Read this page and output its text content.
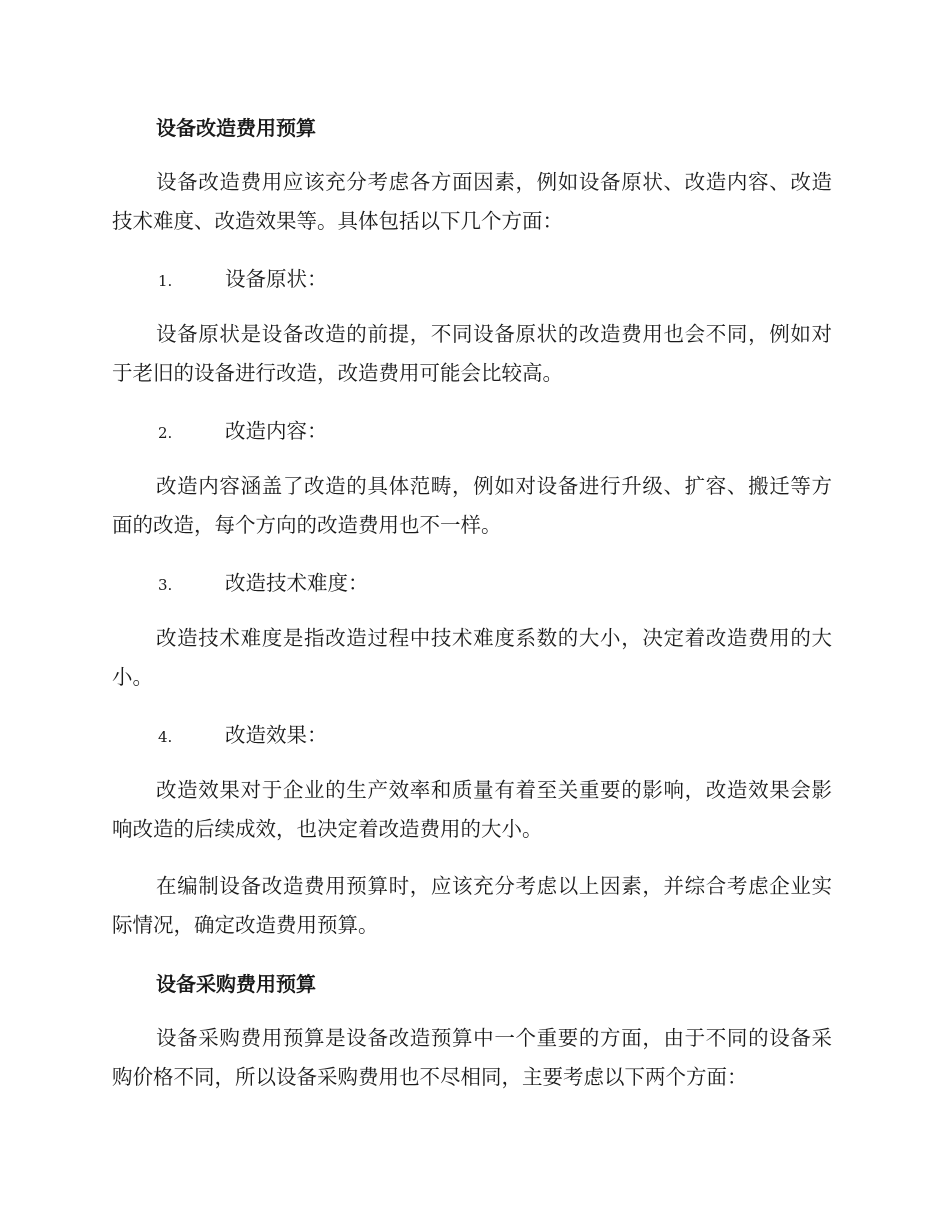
设备改造费用预算

设备改造费用应该充分考虑各方面因素，例如设备原状、改造内容、改造技术难度、改造效果等。具体包括以下几个方面：

1.	设备原状：

设备原状是设备改造的前提，不同设备原状的改造费用也会不同，例如对于老旧的设备进行改造，改造费用可能会比较高。

2.	改造内容：

改造内容涵盖了改造的具体范畴，例如对设备进行升级、扩容、搬迁等方面的改造，每个方向的改造费用也不一样。

3.	改造技术难度：

改造技术难度是指改造过程中技术难度系数的大小，决定着改造费用的大小。

4.	改造效果：

改造效果对于企业的生产效率和质量有着至关重要的影响，改造效果会影响改造的后续成效，也决定着改造费用的大小。

在编制设备改造费用预算时，应该充分考虑以上因素，并综合考虑企业实际情况，确定改造费用预算。

设备采购费用预算

设备采购费用预算是设备改造预算中一个重要的方面，由于不同的设备采购价格不同，所以设备采购费用也不尽相同，主要考虑以下两个方面：
